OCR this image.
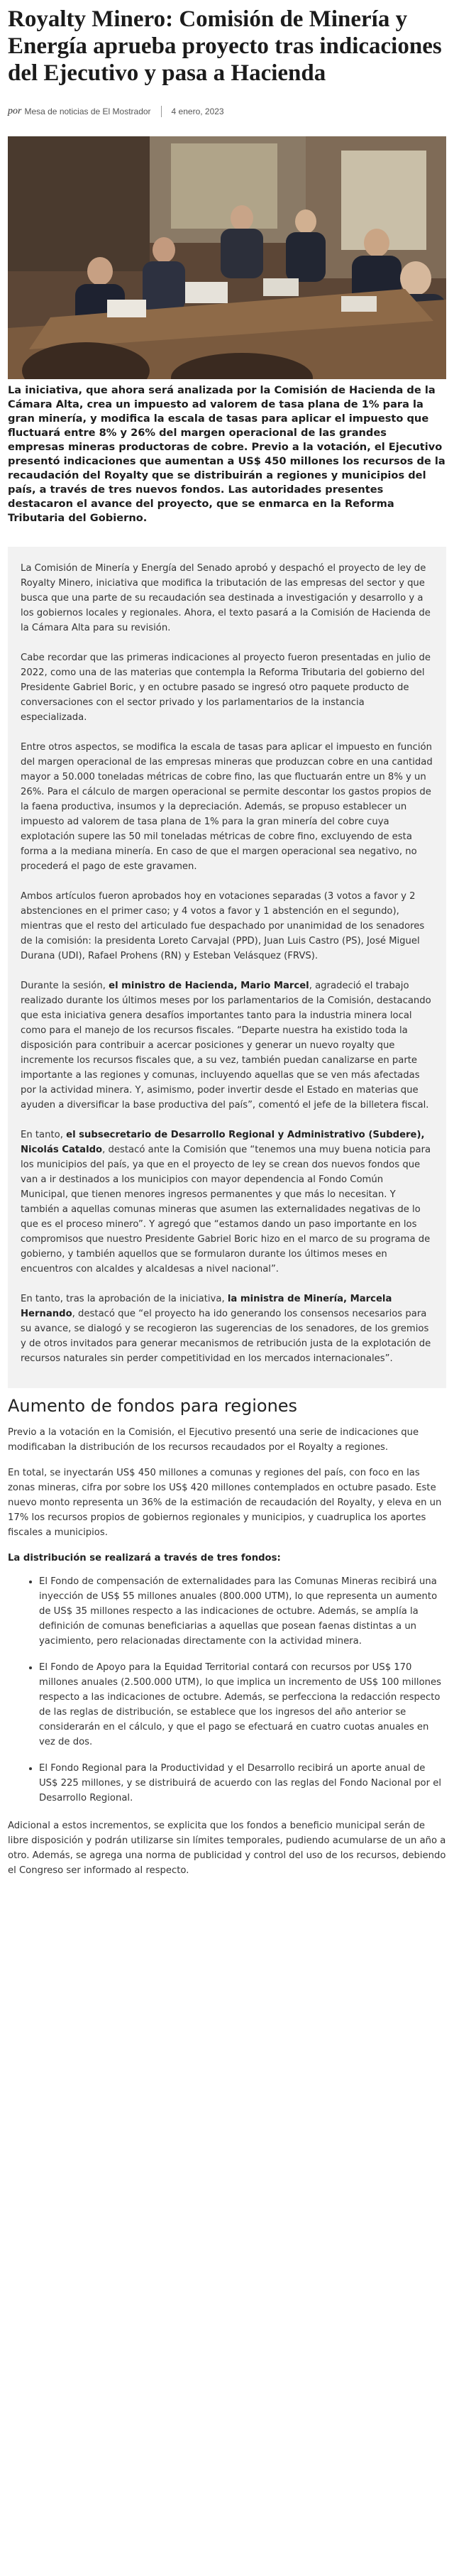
Royalty Minero: Comisión de Minería y Energía aprueba proyecto tras indicaciones del Ejecutivo y pasa a Hacienda
por Mesa de noticias de El Mostrador 4 enero, 2023

La iniciativa, que ahora será analizada por la Comisión de Hacienda de la Cámara Alta, crea un impuesto ad valorem de tasa plana de 1% para la gran minería, y modifica la escala de tasas para aplicar el impuesto que fluctuará entre 8% y 26% del margen operacional de las grandes empresas mineras productoras de cobre. Previo a la votación, el Ejecutivo presentó indicaciones que aumentan a US$ 450 millones los recursos de la recaudación del Royalty que se distribuirán a regiones y municipios del país, a través de tres nuevos fondos. Las autoridades presentes destacaron el avance del proyecto, que se enmarca en la Reforma Tributaria del Gobierno.

La Comisión de Minería y Energía del Senado aprobó y despachó el proyecto de ley de Royalty Minero, iniciativa que modifica la tributación de las empresas del sector y que busca que una parte de su recaudación sea destinada a investigación y desarrollo y a los gobiernos locales y regionales. Ahora, el texto pasará a la Comisión de Hacienda de la Cámara Alta para su revisión.

Cabe recordar que las primeras indicaciones al proyecto fueron presentadas en julio de 2022, como una de las materias que contempla la Reforma Tributaria del gobierno del Presidente Gabriel Boric, y en octubre pasado se ingresó otro paquete producto de conversaciones con el sector privado y los parlamentarios de la instancia especializada.

Entre otros aspectos, se modifica la escala de tasas para aplicar el impuesto en función del margen operacional de las empresas mineras que produzcan cobre en una cantidad mayor a 50.000 toneladas métricas de cobre fino, las que fluctuarán entre un 8% y un 26%. Para el cálculo de margen operacional se permite descontar los gastos propios de la faena productiva, insumos y la depreciación. Además, se propuso establecer un impuesto ad valorem de tasa plana de 1% para la gran minería del cobre cuya explotación supere las 50 mil toneladas métricas de cobre fino, excluyendo de esta forma a la mediana minería. En caso de que el margen operacional sea negativo, no procederá el pago de este gravamen.

Ambos artículos fueron aprobados hoy en votaciones separadas (3 votos a favor y 2 abstenciones en el primer caso; y 4 votos a favor y 1 abstención en el segundo), mientras que el resto del articulado fue despachado por unanimidad de los senadores de la comisión: la presidenta Loreto Carvajal (PPD), Juan Luis Castro (PS), José Miguel Durana (UDI), Rafael Prohens (RN) y Esteban Velásquez (FRVS).

Durante la sesión, el ministro de Hacienda, Mario Marcel, agradeció el trabajo realizado durante los últimos meses por los parlamentarios de la Comisión, destacando que esta iniciativa genera desafíos importantes tanto para la industria minera local como para el manejo de los recursos fiscales. “Departe nuestra ha existido toda la disposición para contribuir a acercar posiciones y generar un nuevo royalty que incremente los recursos fiscales que, a su vez, también puedan canalizarse en parte importante a las regiones y comunas, incluyendo aquellas que se ven más afectadas por la actividad minera. Y, asimismo, poder invertir desde el Estado en materias que ayuden a diversificar la base productiva del país”, comentó el jefe de la billetera fiscal.

En tanto, el subsecretario de Desarrollo Regional y Administrativo (Subdere), Nicolás Cataldo, destacó ante la Comisión que “tenemos una muy buena noticia para los municipios del país, ya que en el proyecto de ley se crean dos nuevos fondos que van a ir destinados a los municipios con mayor dependencia al Fondo Común Municipal, que tienen menores ingresos permanentes y que más lo necesitan. Y también a aquellas comunas mineras que asumen las externalidades negativas de lo que es el proceso minero”. Y agregó que “estamos dando un paso importante en los compromisos que nuestro Presidente Gabriel Boric hizo en el marco de su programa de gobierno, y también aquellos que se formularon durante los últimos meses en encuentros con alcaldes y alcaldesas a nivel nacional”.

En tanto, tras la aprobación de la iniciativa, la ministra de Minería, Marcela Hernando, destacó que “el proyecto ha ido generando los consensos necesarios para su avance, se dialogó y se recogieron las sugerencias de los senadores, de los gremios y de otros invitados para generar mecanismos de retribución justa de la explotación de recursos naturales sin perder competitividad en los mercados internacionales”.

Aumento de fondos para regiones

Previo a la votación en la Comisión, el Ejecutivo presentó una serie de indicaciones que modificaban la distribución de los recursos recaudados por el Royalty a regiones.

En total, se inyectarán US$ 450 millones a comunas y regiones del país, con foco en las zonas mineras, cifra por sobre los US$ 420 millones contemplados en octubre pasado. Este nuevo monto representa un 36% de la estimación de recaudación del Royalty, y eleva en un 17% los recursos propios de gobiernos regionales y municipios, y cuadruplica los aportes fiscales a municipios.

La distribución se realizará a través de tres fondos:

• El Fondo de compensación de externalidades para las Comunas Mineras recibirá una inyección de US$ 55 millones anuales (800.000 UTM), lo que representa un aumento de US$ 35 millones respecto a las indicaciones de octubre. Además, se amplía la definición de comunas beneficiarias a aquellas que posean faenas distintas a un yacimiento, pero relacionadas directamente con la actividad minera.
• El Fondo de Apoyo para la Equidad Territorial contará con recursos por US$ 170 millones anuales (2.500.000 UTM), lo que implica un incremento de US$ 100 millones respecto a las indicaciones de octubre. Además, se perfecciona la redacción respecto de las reglas de distribución, se establece que los ingresos del año anterior se considerarán en el cálculo, y que el pago se efectuará en cuatro cuotas anuales en vez de dos.
• El Fondo Regional para la Productividad y el Desarrollo recibirá un aporte anual de US$ 225 millones, y se distribuirá de acuerdo con las reglas del Fondo Nacional por el Desarrollo Regional.

Adicional a estos incrementos, se explicita que los fondos a beneficio municipal serán de libre disposición y podrán utilizarse sin límites temporales, pudiendo acumularse de un año a otro. Además, se agrega una norma de publicidad y control del uso de los recursos, debiendo el Congreso ser informado al respecto.
